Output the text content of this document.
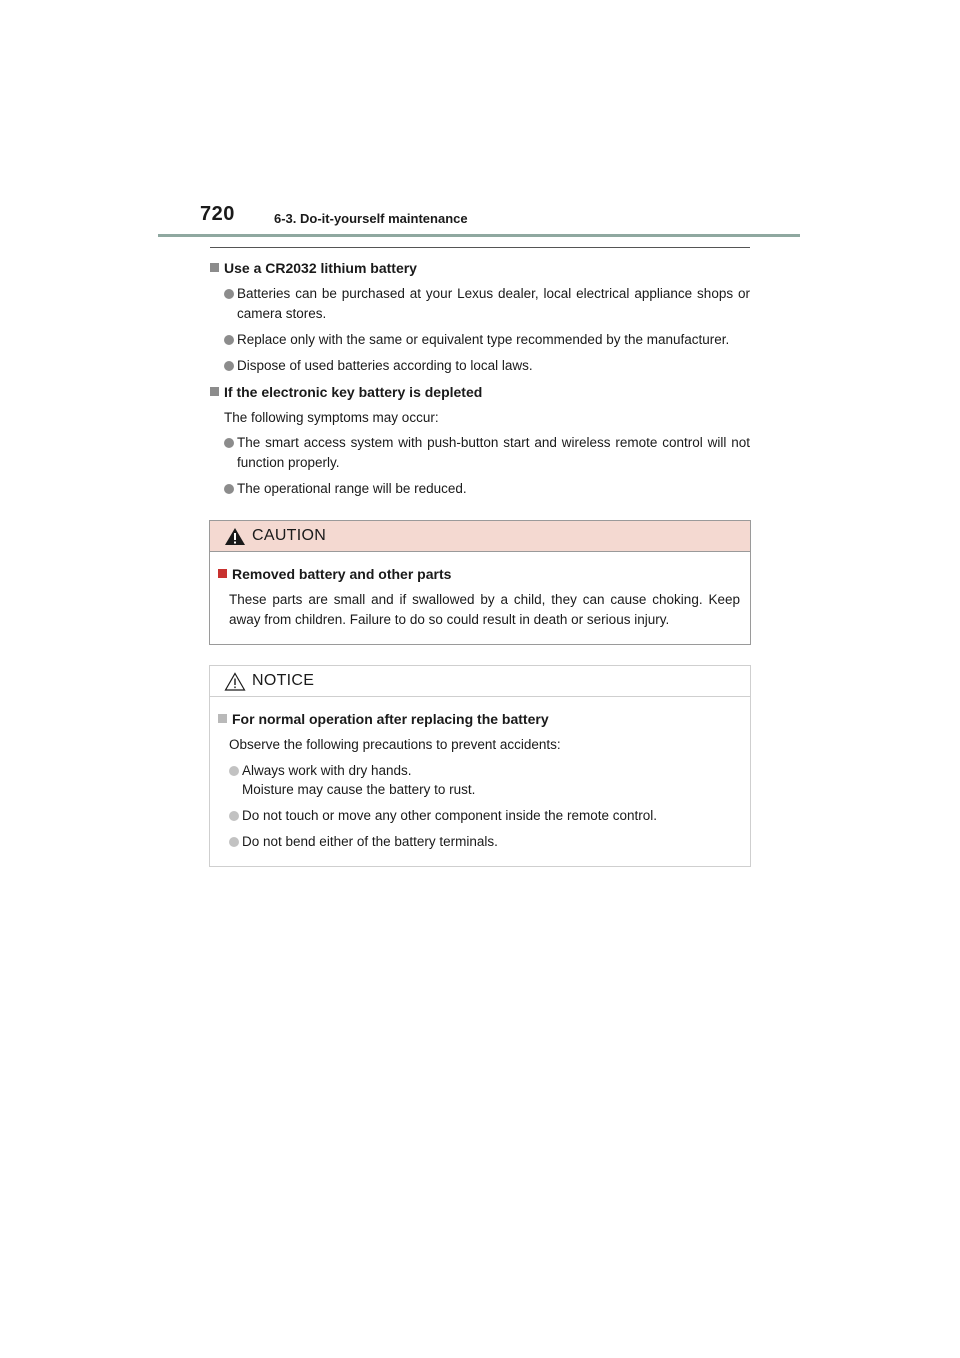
720	6-3. Do-it-yourself maintenance
Use a CR2032 lithium battery
Batteries can be purchased at your Lexus dealer, local electrical appliance shops or camera stores.
Replace only with the same or equivalent type recommended by the manufacturer.
Dispose of used batteries according to local laws.
If the electronic key battery is depleted
The following symptoms may occur:
The smart access system with push-button start and wireless remote control will not function properly.
The operational range will be reduced.
CAUTION
Removed battery and other parts
These parts are small and if swallowed by a child, they can cause choking. Keep away from children. Failure to do so could result in death or serious injury.
NOTICE
For normal operation after replacing the battery
Observe the following precautions to prevent accidents:
Always work with dry hands.
Moisture may cause the battery to rust.
Do not touch or move any other component inside the remote control.
Do not bend either of the battery terminals.
